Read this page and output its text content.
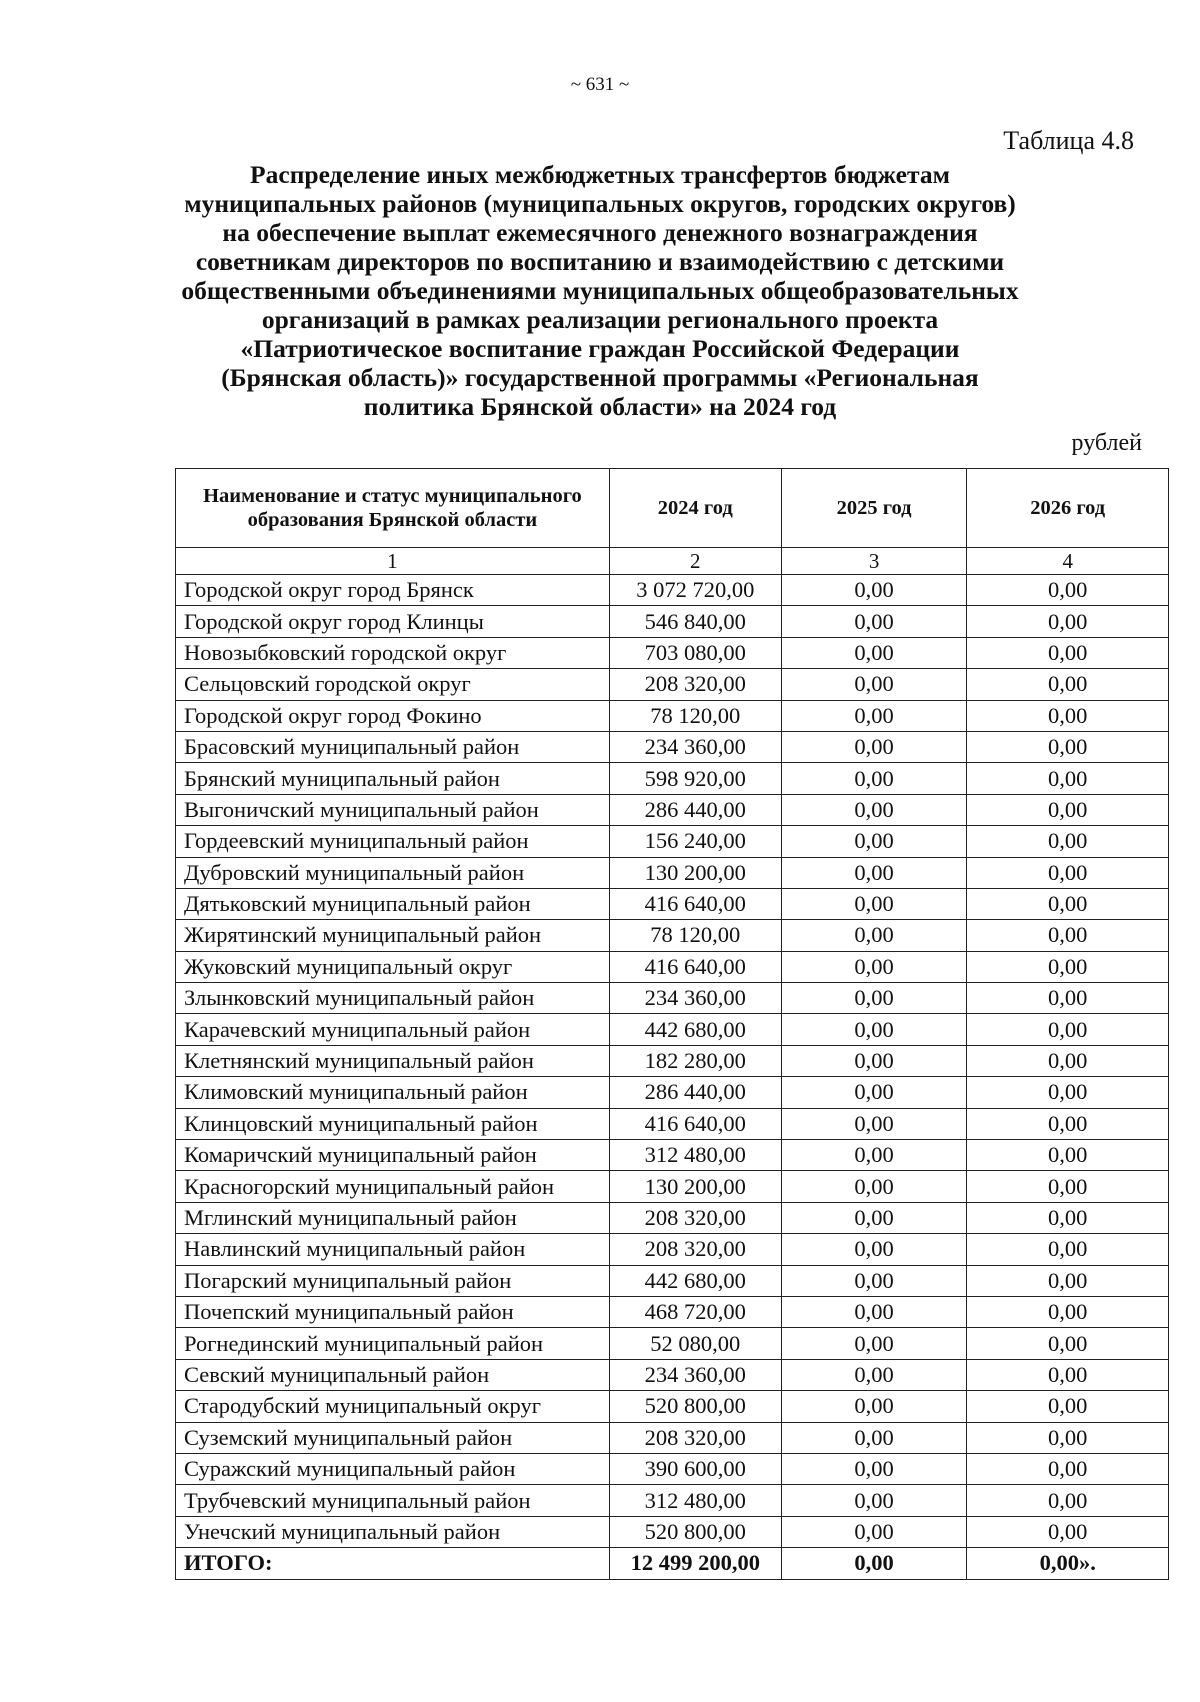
~ 631 ~
Таблица 4.8
Распределение иных межбюджетных трансфертов бюджетам
муниципальных районов (муниципальных округов, городских округов)
на обеспечение выплат ежемесячного денежного вознаграждения
советникам директоров по воспитанию и взаимодействию с детскими
общественными объединениями муниципальных общеобразовательных
организаций в рамках реализации регионального проекта
«Патриотическое воспитание граждан Российской Федерации
(Брянская область)» государственной программы «Региональная
политика Брянской области» на 2024 год
рублей
Наименование и статус муниципального образования Брянской области	2024 год	2025 год	2026 год
1	2	3	4
Городской округ город Брянск	3 072 720,00	0,00	0,00
Городской округ город Клинцы	546 840,00	0,00	0,00
Новозыбковский городской округ	703 080,00	0,00	0,00
Сельцовский городской округ	208 320,00	0,00	0,00
Городской округ город Фокино	78 120,00	0,00	0,00
Брасовский муниципальный район	234 360,00	0,00	0,00
Брянский муниципальный район	598 920,00	0,00	0,00
Выгоничский муниципальный район	286 440,00	0,00	0,00
Гордеевский муниципальный район	156 240,00	0,00	0,00
Дубровский муниципальный район	130 200,00	0,00	0,00
Дятьковский муниципальный район	416 640,00	0,00	0,00
Жирятинский муниципальный район	78 120,00	0,00	0,00
Жуковский муниципальный округ	416 640,00	0,00	0,00
Злынковский муниципальный район	234 360,00	0,00	0,00
Карачевский муниципальный район	442 680,00	0,00	0,00
Клетнянский муниципальный район	182 280,00	0,00	0,00
Климовский муниципальный район	286 440,00	0,00	0,00
Клинцовский муниципальный район	416 640,00	0,00	0,00
Комаричский муниципальный район	312 480,00	0,00	0,00
Красногорский муниципальный район	130 200,00	0,00	0,00
Мглинский муниципальный район	208 320,00	0,00	0,00
Навлинский муниципальный район	208 320,00	0,00	0,00
Погарский муниципальный район	442 680,00	0,00	0,00
Почепский муниципальный район	468 720,00	0,00	0,00
Рогнединский муниципальный район	52 080,00	0,00	0,00
Севский муниципальный район	234 360,00	0,00	0,00
Стародубский муниципальный округ	520 800,00	0,00	0,00
Суземский муниципальный район	208 320,00	0,00	0,00
Суражский муниципальный район	390 600,00	0,00	0,00
Трубчевский муниципальный район	312 480,00	0,00	0,00
Унечский муниципальный район	520 800,00	0,00	0,00
ИТОГО:	12 499 200,00	0,00	0,00».
